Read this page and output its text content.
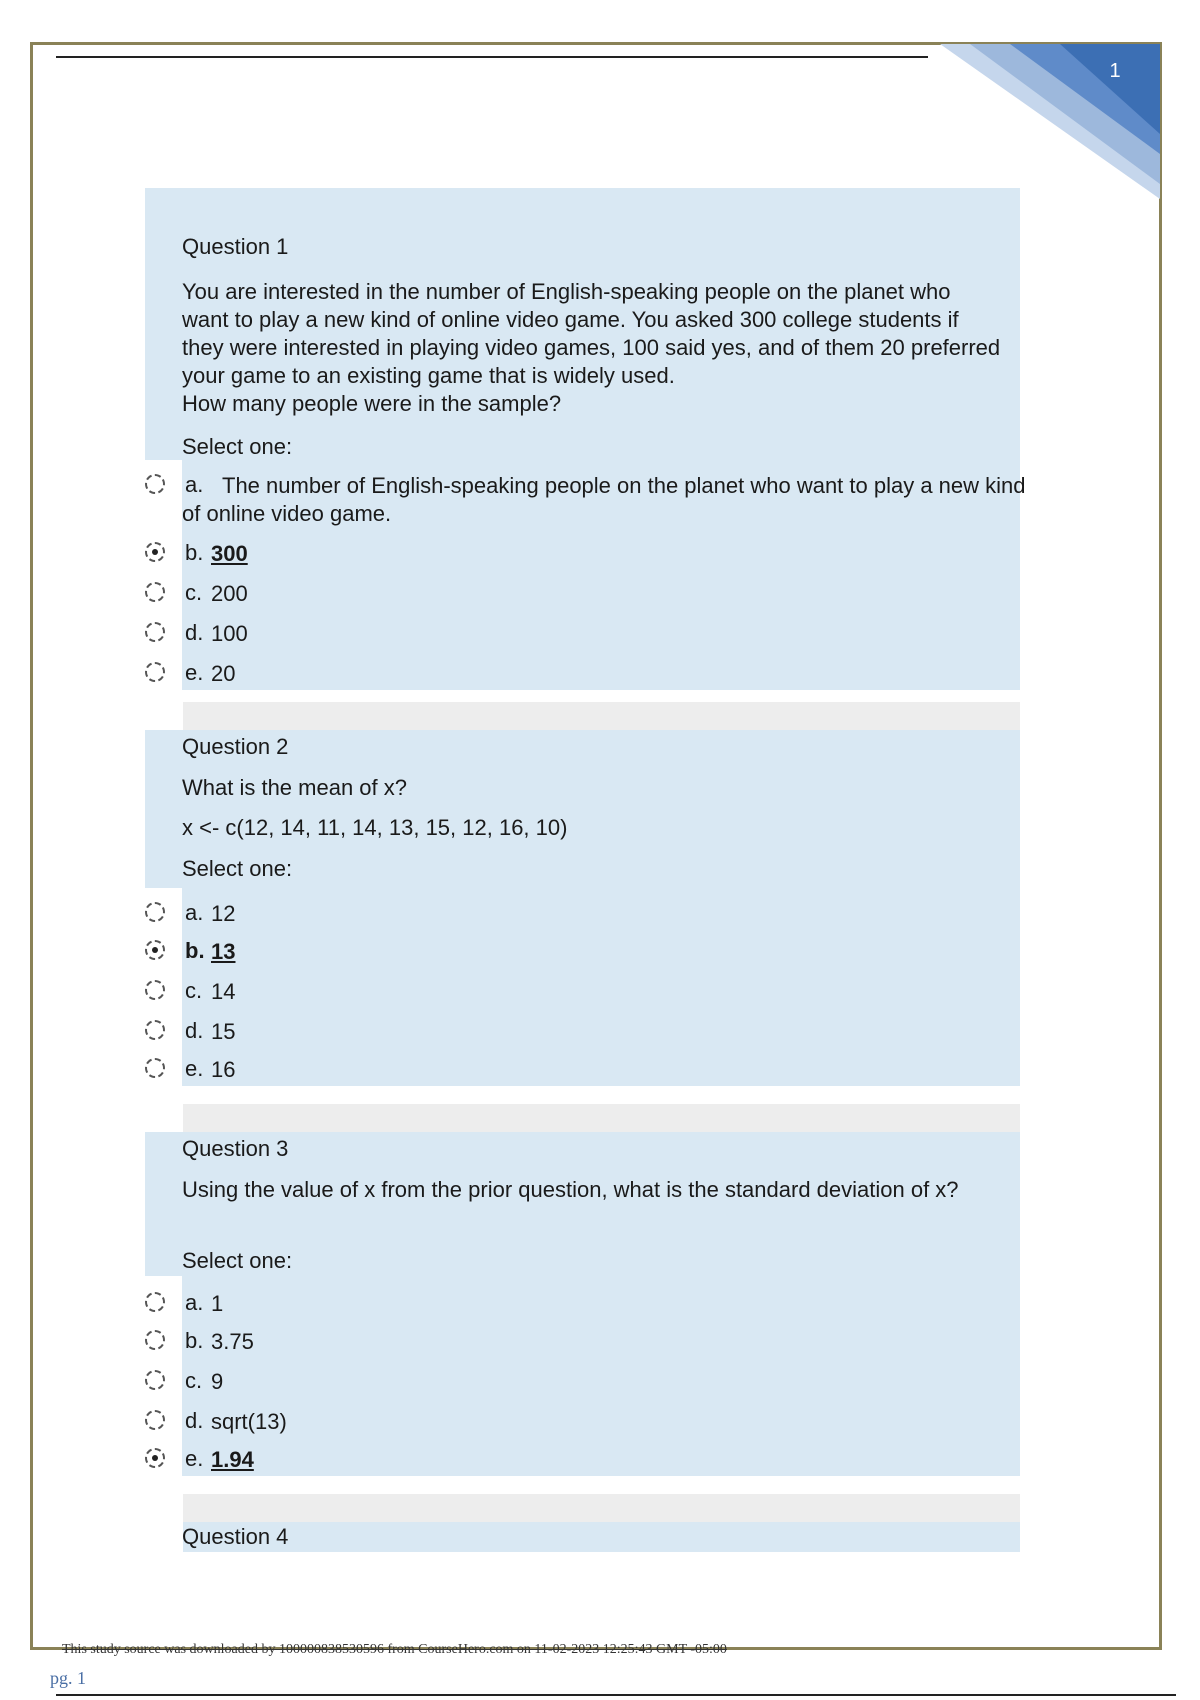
1
Question 1
You are interested in the number of English-speaking people on the planet who want to play a new kind of online video game. You asked 300 college students if they were interested in playing video games, 100 said yes, and of them 20 preferred your game to an existing game that is widely used.
How many people were in the sample?
Select one:
a. The number of English-speaking people on the planet who want to play a new kind of online video game.
b. 300
c. 200
d. 100
e. 20
Question 2
What is the mean of x?
x <- c(12, 14, 11, 14, 13, 15, 12, 16, 10)
Select one:
a. 12
b. 13
c. 14
d. 15
e. 16
Question 3
Using the value of x from the prior question, what is the standard deviation of x?
Select one:
a. 1
b. 3.75
c. 9
d. sqrt(13)
e. 1.94
Question 4
This study source was downloaded by 100000838530596 from CourseHero.com on 11-02-2023 12:25:43 GMT -05:00
pg. 1
